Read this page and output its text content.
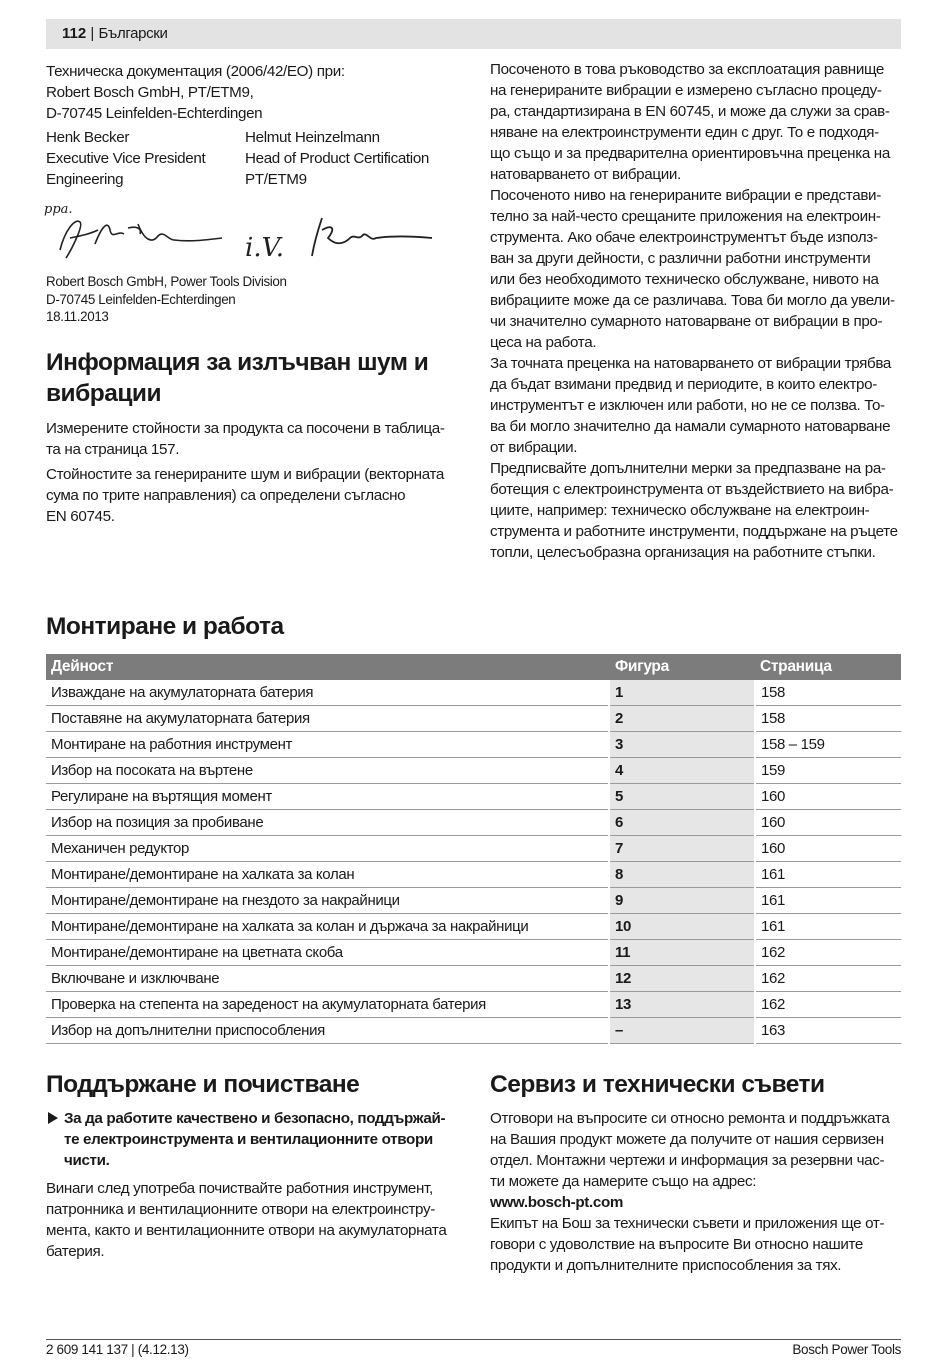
112 | Български

Техническа документация (2006/42/ЕО) при:
Robert Bosch GmbH, PT/ETM9,
D-70745 Leinfelden-Echterdingen

Henk Becker
Executive Vice President
Engineering

Helmut Heinzelmann
Head of Product Certification
PT/ETM9

ppa.
i.V.

Robert Bosch GmbH, Power Tools Division
D-70745 Leinfelden-Echterdingen
18.11.2013

Информация за излъчван шум и
вибрации

Измерените стойности за продукта са посочени в таблица-
та на страница 157.

Стойностите за генерираните шум и вибрации (векторната
сума по трите направления) са определени съгласно
EN 60745.

Посоченото в това ръководство за експлоатация равнище
на генерираните вибрации е измерено съгласно процеду-
ра, стандартизирана в EN 60745, и може да служи за срав-
няване на електроинструменти един с друг. То е подходя-
що също и за предварителна ориентировъчна преценка на
натоварването от вибрации.
Посоченото ниво на генерираните вибрации е представи-
телно за най-често срещаните приложения на електроин-
струмента. Ако обаче електроинструментът бъде използ-
ван за други дейности, с различни работни инструменти
или без необходимото техническо обслужване, нивото на
вибрациите може да се различава. Това би могло да увели-
чи значително сумарното натоварване от вибрации в про-
цеса на работа.
За точната преценка на натоварването от вибрации трябва
да бъдат взимани предвид и периодите, в които електро-
инструментът е изключен или работи, но не се ползва. То-
ва би могло значително да намали сумарното натоварване
от вибрации.
Предписвайте допълнителни мерки за предпазване на ра-
ботещия с електроинструмента от въздействието на вибра-
циите, например: техническо обслужване на електроин-
струмента и работните инструменти, поддържане на ръцете
топли, целесъобразна организация на работните стъпки.

Монтиране и работа
Дейност	Фигура	Страница
Изваждане на акумулаторната батерия	1	158
Поставяне на акумулаторната батерия	2	158
Монтиране на работния инструмент	3	158 – 159
Избор на посоката на въртене	4	159
Регулиране на въртящия момент	5	160
Избор на позиция за пробиване	6	160
Механичен редуктор	7	160
Монтиране/демонтиране на халката за колан	8	161
Монтиране/демонтиране на гнездото за накрайници	9	161
Монтиране/демонтиране на халката за колан и държача за накрайници	10	161
Монтиране/демонтиране на цветната скоба	11	162
Включване и изключване	12	162
Проверка на степента на зареденост на акумулаторната батерия	13	162
Избор на допълнителни приспособления	–	163
Поддържане и почистване
За да работите качествено и безопасно, поддържай-
те електроинструмента и вентилационните отвори
чисти.

Винаги след употреба почиствайте работния инструмент,
патронника и вентилационните отвори на електроинстру-
мента, както и вентилационните отвори на акумулаторната
батерия.

Сервиз и технически съвети

Отговори на въпросите си относно ремонта и поддръжката
на Вашия продукт можете да получите от нашия сервизен
отдел. Монтажни чертежи и информация за резервни час-
ти можете да намерите също на адрес:
www.bosch-pt.com
Екипът на Бош за технически съвети и приложения ще от-
говори с удоволствие на въпросите Ви относно нашите
продукти и допълнителните приспособления за тях.

2 609 141 137 | (4.12.13)	Bosch Power Tools
